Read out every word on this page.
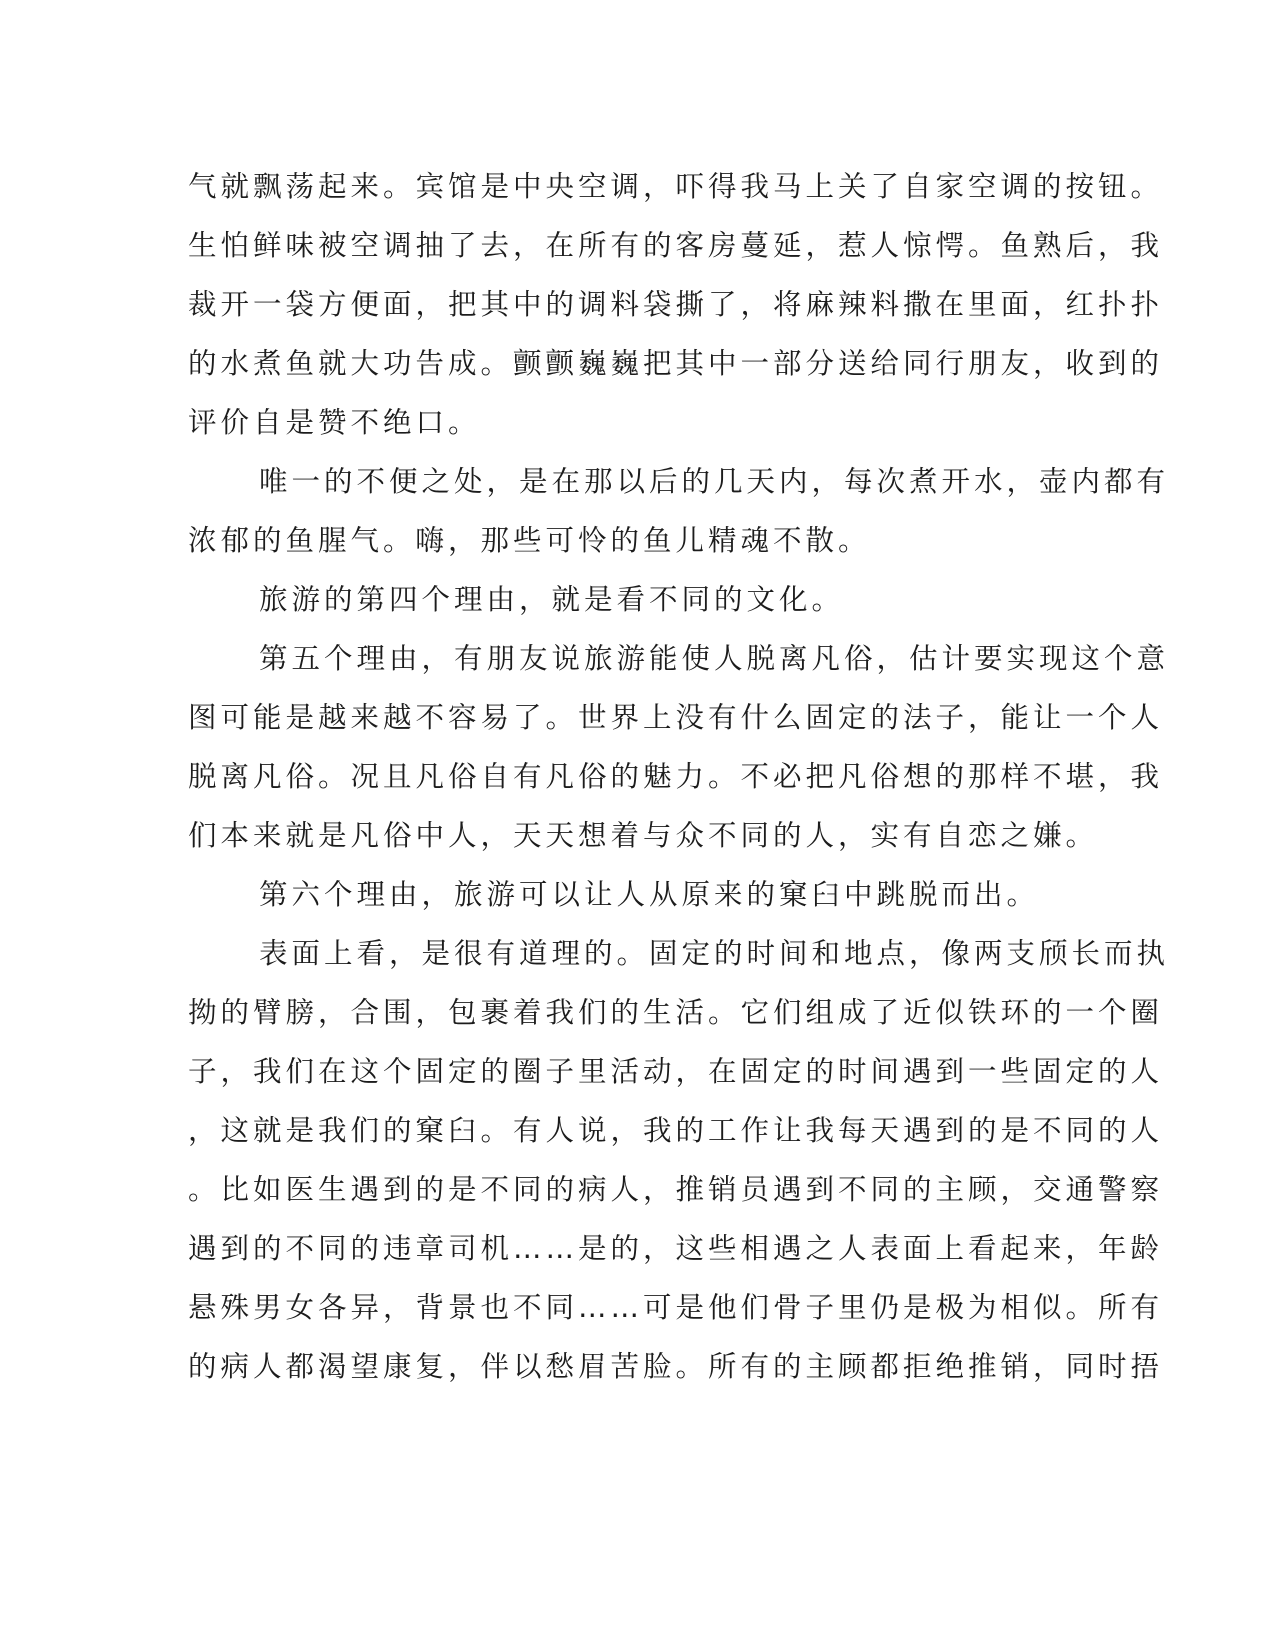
气就飘荡起来。宾馆是中央空调，吓得我马上关了自家空调的按钮。
生怕鲜味被空调抽了去，在所有的客房蔓延，惹人惊愕。鱼熟后，我
裁开一袋方便面，把其中的调料袋撕了，将麻辣料撒在里面，红扑扑
的水煮鱼就大功告成。颤颤巍巍把其中一部分送给同行朋友，收到的
评价自是赞不绝口。
唯一的不便之处，是在那以后的几天内，每次煮开水，壶内都有
浓郁的鱼腥气。嗨，那些可怜的鱼儿精魂不散。
旅游的第四个理由，就是看不同的文化。
第五个理由，有朋友说旅游能使人脱离凡俗，估计要实现这个意
图可能是越来越不容易了。世界上没有什么固定的法子，能让一个人
脱离凡俗。况且凡俗自有凡俗的魅力。不必把凡俗想的那样不堪，我
们本来就是凡俗中人，天天想着与众不同的人，实有自恋之嫌。
第六个理由，旅游可以让人从原来的窠臼中跳脱而出。
表面上看，是很有道理的。固定的时间和地点，像两支颀长而执
拗的臂膀，合围，包裹着我们的生活。它们组成了近似铁环的一个圈
子，我们在这个固定的圈子里活动，在固定的时间遇到一些固定的人
，这就是我们的窠臼。有人说，我的工作让我每天遇到的是不同的人
。比如医生遇到的是不同的病人，推销员遇到不同的主顾，交通警察
遇到的不同的违章司机……是的，这些相遇之人表面上看起来，年龄
悬殊男女各异，背景也不同……可是他们骨子里仍是极为相似。所有
的病人都渴望康复，伴以愁眉苦脸。所有的主顾都拒绝推销，同时捂
